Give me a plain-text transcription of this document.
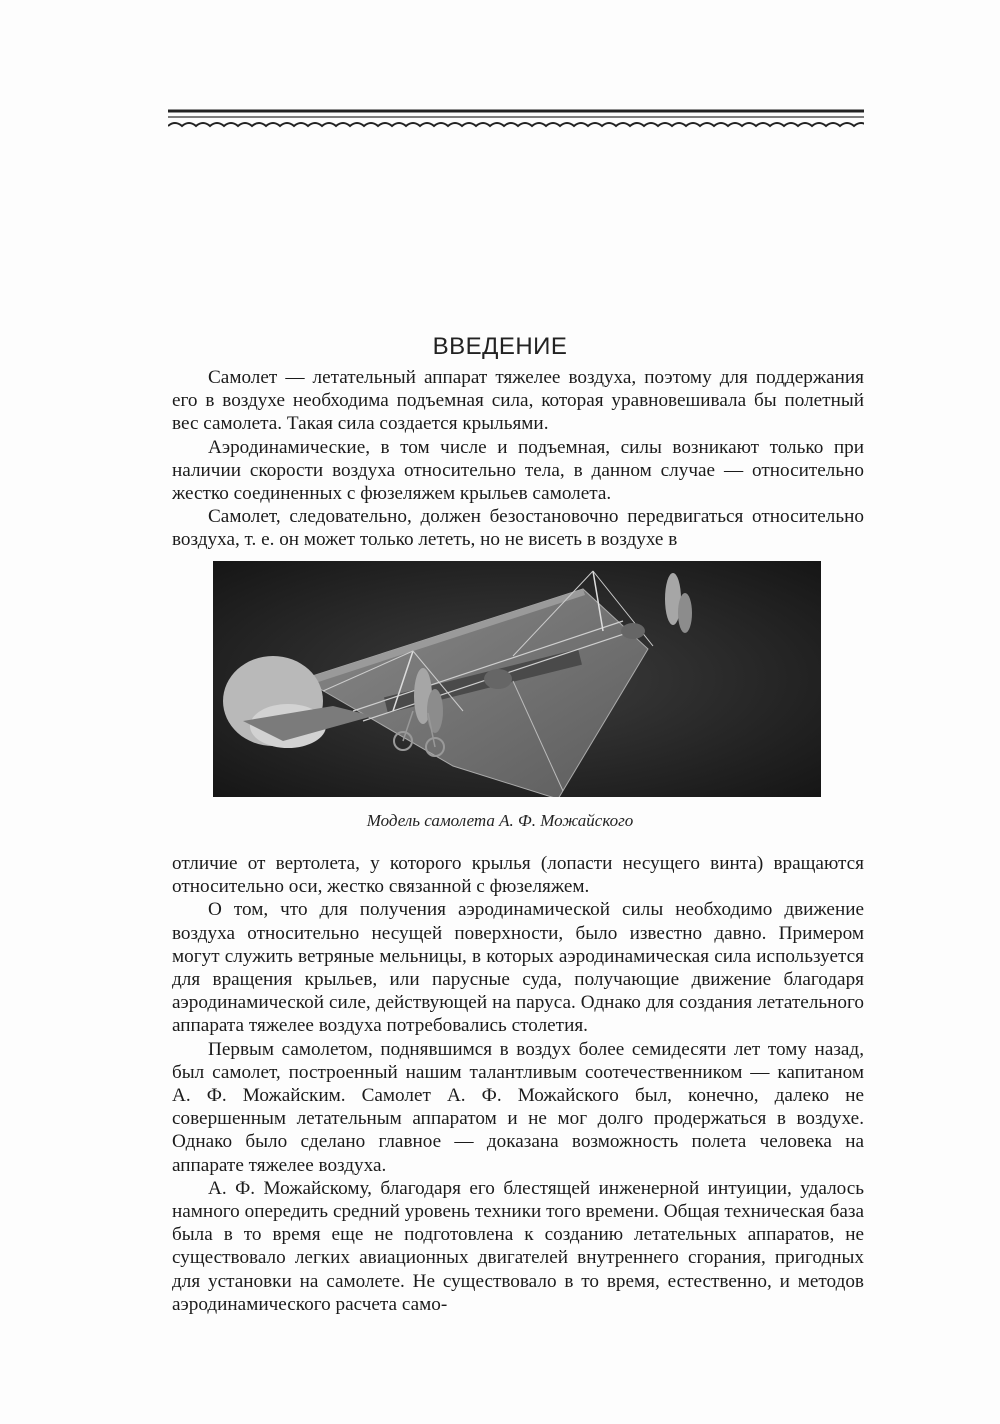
ВВЕДЕНИЕ

Самолет — летательный аппарат тяжелее воздуха, поэтому для поддержания его в воздухе необходима подъемная сила, которая уравновешивала бы полетный вес самолета. Такая сила создается крыльями.

Аэродинамические, в том числе и подъемная, силы возникают только при наличии скорости воздуха относительно тела, в данном случае — относительно жестко соединенных с фюзеляжем крыльев самолета.

Самолет, следовательно, должен безостановочно передвигаться относительно воздуха, т. е. он может только лететь, но не висеть в воздухе в

Модель самолета А. Ф. Можайского

отличие от вертолета, у которого крылья (лопасти несущего винта) вращаются относительно оси, жестко связанной с фюзеляжем.

О том, что для получения аэродинамической силы необходимо движение воздуха относительно несущей поверхности, было известно давно. Примером могут служить ветряные мельницы, в которых аэродинамическая сила используется для вращения крыльев, или парусные суда, получающие движение благодаря аэродинамической силе, действующей на паруса. Однако для создания летательного аппарата тяжелее воздуха потребовались столетия.

Первым самолетом, поднявшимся в воздух более семидесяти лет тому назад, был самолет, построенный нашим талантливым соотечественником — капитаном А. Ф. Можайским. Самолет А. Ф. Можайского был, конечно, далеко не совершенным летательным аппаратом и не мог долго продержаться в воздухе. Однако было сделано главное — доказана возможность полета человека на аппарате тяжелее воздуха.

А. Ф. Можайскому, благодаря его блестящей инженерной интуиции, удалось намного опередить средний уровень техники того времени. Общая техническая база была в то время еще не подготовлена к созданию летательных аппаратов, не существовало легких авиационных двигателей внутреннего сгорания, пригодных для установки на самолете. Не существовало в то время, естественно, и методов аэродинамического расчета само-
